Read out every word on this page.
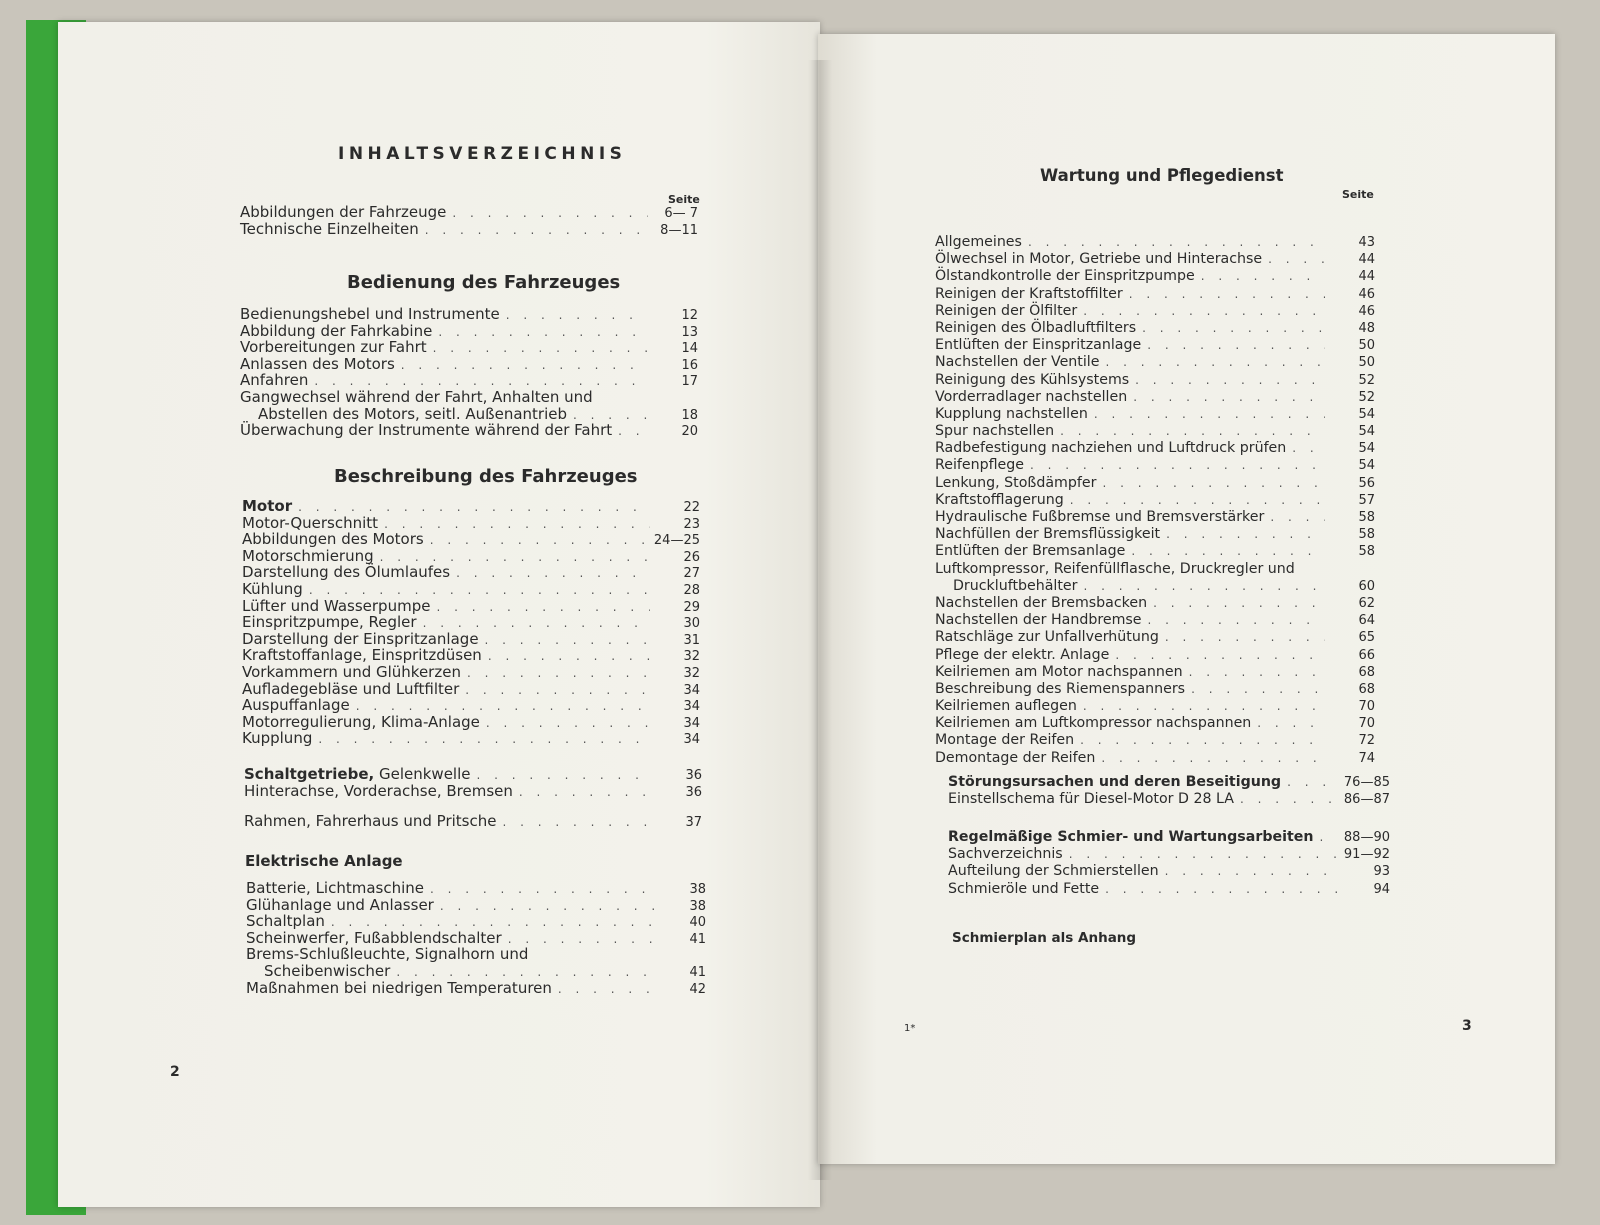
INHALTSVERZEICHNIS
Seite
Abbildungen der Fahrzeuge . . .	6— 7
Technische Einzelheiten . . .	8—11
Bedienung des Fahrzeuges
Bedienungshebel und Instrumente . . .	12
Abbildung der Fahrkabine . . .	13
Vorbereitungen zur Fahrt . . .	14
Anlassen des Motors . . .	16
Anfahren . . .	17
Gangwechsel während der Fahrt, Anhalten und
Abstellen des Motors, seitl. Außenantrieb . . .	18
Überwachung der Instrumente während der Fahrt . . .	20
Beschreibung des Fahrzeuges
Motor . . .	22
Motor-Querschnitt . . .	23
Abbildungen des Motors . . .	24—25
Motorschmierung . . .	26
Darstellung des Ölumlaufes . . .	27
Kühlung . . .	28
Lüfter und Wasserpumpe . . .	29
Einspritzpumpe, Regler . . .	30
Darstellung der Einspritzanlage . . .	31
Kraftstoffanlage, Einspritzdüsen . . .	32
Vorkammern und Glühkerzen . . .	32
Aufladegebläse und Luftfilter . . .	34
Auspuffanlage . . .	34
Motorregulierung, Klima-Anlage . . .	34
Kupplung . . .	34
Schaltgetriebe, Gelenkwelle . . .	36
Hinterachse, Vorderachse, Bremsen . . .	36
Rahmen, Fahrerhaus und Pritsche . . .	37
Elektrische Anlage
Batterie, Lichtmaschine . . .	38
Glühanlage und Anlasser . . .	38
Schaltplan . . .	40
Scheinwerfer, Fußabblendschalter . . .	41
Brems-Schlußleuchte, Signalhorn und
Scheibenwischer . . .	41
Maßnahmen bei niedrigen Temperaturen . . .	42
2
Wartung und Pflegedienst
Seite
Allgemeines . . .	43
Ölwechsel in Motor, Getriebe und Hinterachse . . .	44
Ölstandkontrolle der Einspritzpumpe . . .	44
Reinigen der Kraftstoffilter . . .	46
Reinigen der Ölfilter . . .	46
Reinigen des Ölbadluftfilters . . .	48
Entlüften der Einspritzanlage . . .	50
Nachstellen der Ventile . . .	50
Reinigung des Kühlsystems . . .	52
Vorderradlager nachstellen . . .	52
Kupplung nachstellen . . .	54
Spur nachstellen . . .	54
Radbefestigung nachziehen und Luftdruck prüfen . . .	54
Reifenpflege . . .	54
Lenkung, Stoßdämpfer . . .	56
Kraftstofflagerung . . .	57
Hydraulische Fußbremse und Bremsverstärker . . .	58
Nachfüllen der Bremsflüssigkeit . . .	58
Entlüften der Bremsanlage . . .	58
Luftkompressor, Reifenfüllflasche, Druckregler und
Druckluftbehälter . . .	60
Nachstellen der Bremsbacken . . .	62
Nachstellen der Handbremse . . .	64
Ratschläge zur Unfallverhütung . . .	65
Pflege der elektr. Anlage . . .	66
Keilriemen am Motor nachspannen . . .	68
Beschreibung des Riemenspanners . . .	68
Keilriemen auflegen . . .	70
Keilriemen am Luftkompressor nachspannen . . .	70
Montage der Reifen . . .	72
Demontage der Reifen . . .	74
Störungsursachen und deren Beseitigung . . .	76—85
Einstellschema für Diesel-Motor D 28 LA . . .	86—87
Regelmäßige Schmier- und Wartungsarbeiten . . . 88—90
Sachverzeichnis . . .	91—92
Aufteilung der Schmierstellen . . .	93
Schmieröle und Fette . . .	94
Schmierplan als Anhang
1*	3
